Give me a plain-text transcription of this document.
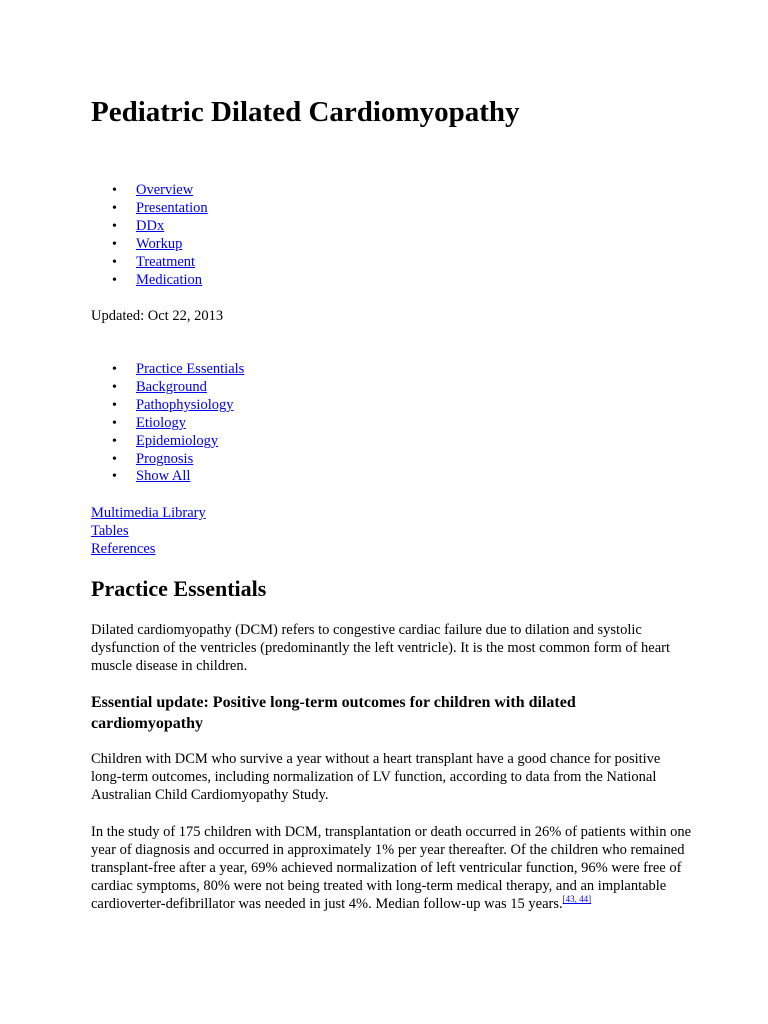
Pediatric Dilated Cardiomyopathy
• Overview
• Presentation
• DDx
• Workup
• Treatment
• Medication
Updated: Oct 22, 2013
• Practice Essentials
• Background
• Pathophysiology
• Etiology
• Epidemiology
• Prognosis
• Show All
Multimedia Library
Tables
References
Practice Essentials

Dilated cardiomyopathy (DCM) refers to congestive cardiac failure due to dilation and systolic dysfunction of the ventricles (predominantly the left ventricle). It is the most common form of heart muscle disease in children.

Essential update: Positive long-term outcomes for children with dilated cardiomyopathy

Children with DCM who survive a year without a heart transplant have a good chance for positive long-term outcomes, including normalization of LV function, according to data from the National Australian Child Cardiomyopathy Study.

In the study of 175 children with DCM, transplantation or death occurred in 26% of patients within one year of diagnosis and occurred in approximately 1% per year thereafter. Of the children who remained transplant-free after a year, 69% achieved normalization of left ventricular function, 96% were free of cardiac symptoms, 80% were not being treated with long-term medical therapy, and an implantable cardioverter-defibrillator was needed in just 4%. Median follow-up was 15 years.[43, 44]
